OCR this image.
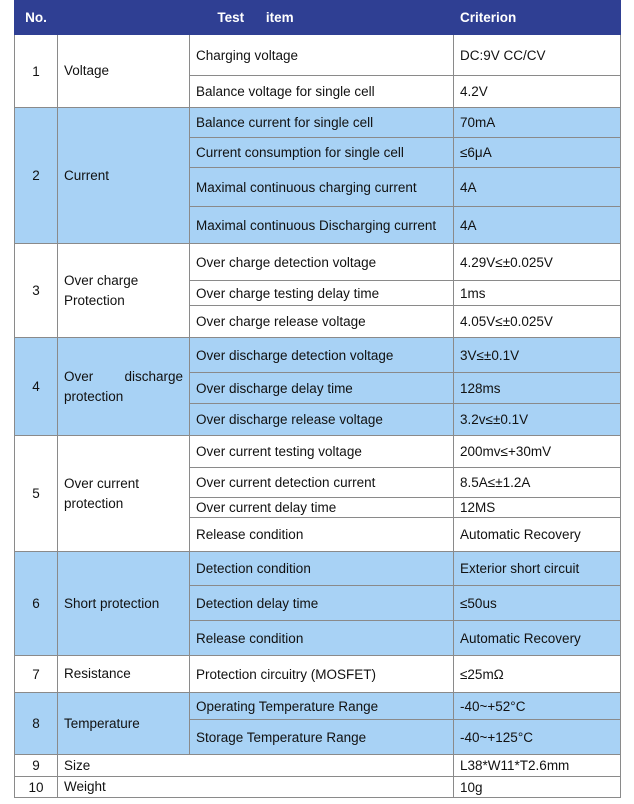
No.	Test item		Criterion
1	Voltage	Charging voltage	DC:9V CC/CV
		Balance voltage for single cell	4.2V
2	Current	Balance current for single cell	70mA
		Current consumption for single cell	≤6μA
		Maximal continuous charging current	4A
		Maximal continuous Discharging current	4A
3	Over charge Protection	Over charge detection voltage	4.29V≤±0.025V
		Over charge testing delay time	1ms
		Over charge release voltage	4.05V≤±0.025V
4	Over discharge protection	Over discharge detection voltage	3V≤±0.1V
		Over discharge delay time	128ms
		Over discharge release voltage	3.2v≤±0.1V
5	Over current protection	Over current testing voltage	200mv≤+30mV
		Over current detection current	8.5A≤±1.2A
		Over current delay time	12MS
		Release condition	Automatic Recovery
6	Short protection	Detection condition	Exterior short circuit
		Detection delay time	≤50us
		Release condition	Automatic Recovery
7	Resistance	Protection circuitry (MOSFET)	≤25mΩ
8	Temperature	Operating Temperature Range	-40~+52°C
		Storage Temperature Range	-40~+125°C
9	Size		L38*W11*T2.6mm
10	Weight		10g
